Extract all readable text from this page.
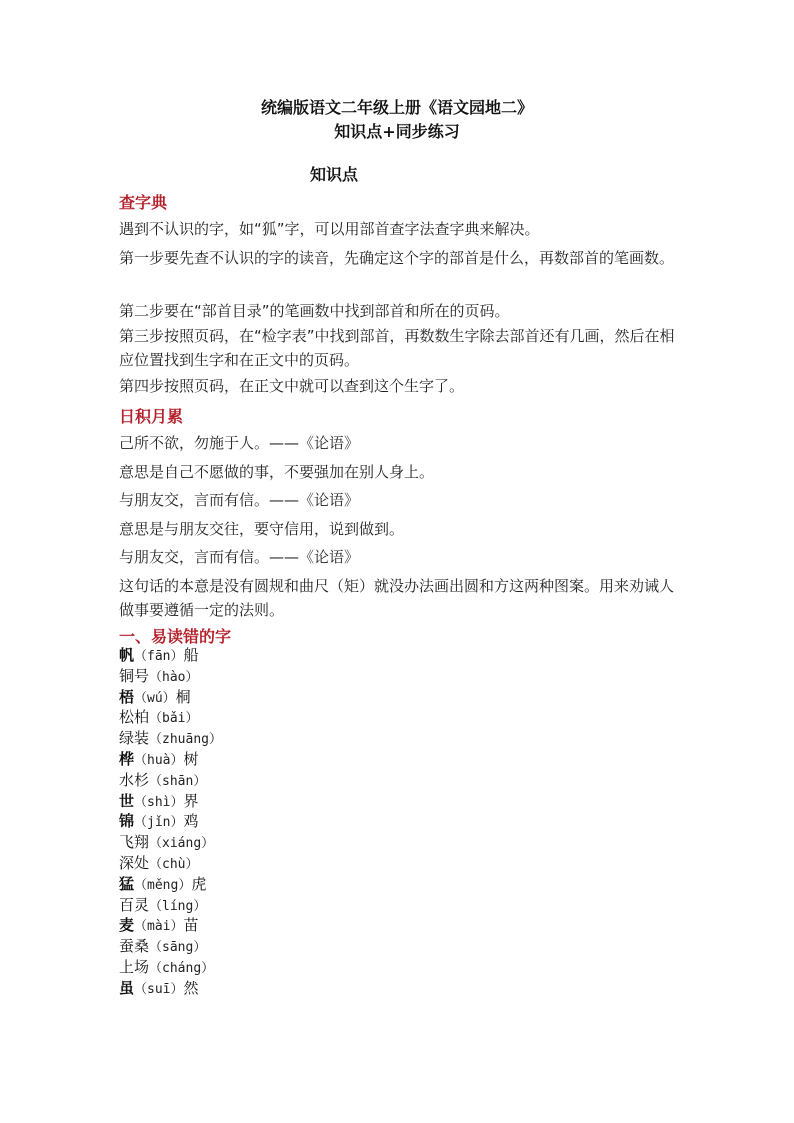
统编版语文二年级上册《语文园地二》
知识点+同步练习
知识点
查字典
遇到不认识的字，如“狐”字，可以用部首查字法查字典来解决。
第一步要先查不认识的字的读音，先确定这个字的部首是什么，再数部首的笔画数。
第二步要在“部首目录”的笔画数中找到部首和所在的页码。
第三步按照页码，在“检字表”中找到部首，再数数生字除去部首还有几画，然后在相应位置找到生字和在正文中的页码。
第四步按照页码，在正文中就可以查到这个生字了。
日积月累
己所不欲，勿施于人。——《论语》
意思是自己不愿做的事，不要强加在别人身上。
与朋友交，言而有信。——《论语》
意思是与朋友交往，要守信用，说到做到。
与朋友交，言而有信。——《论语》
这句话的本意是没有圆规和曲尺（矩）就没办法画出圆和方这两种图案。用来劝诫人做事要遵循一定的法则。
一、易读错的字
帆（fān）船
铜号（hào）
梧（wú）桐
松柏（bǎi）
绿装（zhuāng）
桦（huà）树
水杉（shān）
世（shì）界
锦（jǐn）鸡
飞翔（xiáng）
深处（chù）
猛（měng）虎
百灵（líng）
麦（mài）苗
蚕桑（sāng）
上场（cháng）
虽（suī）然
